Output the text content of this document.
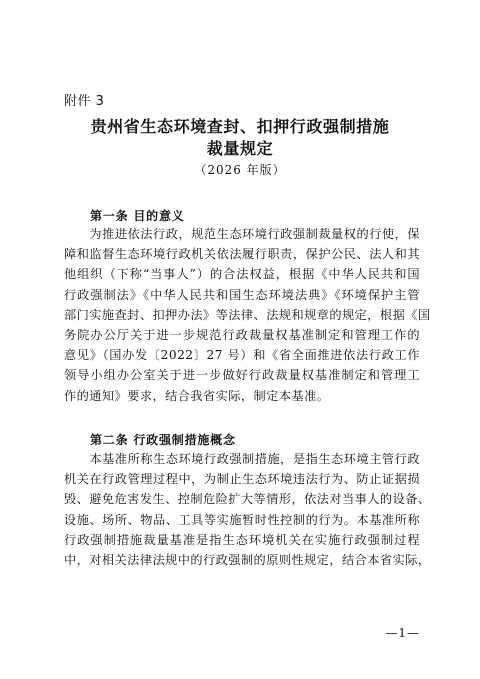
附件 3
贵州省生态环境查封、扣押行政强制措施
裁量规定
（2026 年版）
第一条 目的意义
　　为推进依法行政，规范生态环境行政强制裁量权的行使，保
障和监督生态环境行政机关依法履行职责，保护公民、法人和其
他组织（下称“当事人”）的合法权益，根据《中华人民共和国
行政强制法》《中华人民共和国生态环境法典》《环境保护主管
部门实施查封、扣押办法》等法律、法规和规章的规定，根据《国
务院办公厅关于进一步规范行政裁量权基准制定和管理工作的
意见》（国办发〔2022〕27 号）和《省全面推进依法行政工作
领导小组办公室关于进一步做好行政裁量权基准制定和管理工
作的通知》要求，结合我省实际，制定本基准。
第二条 行政强制措施概念
　　本基准所称生态环境行政强制措施，是指生态环境主管行政
机关在行政管理过程中，为制止生态环境违法行为、防止证据损
毁、避免危害发生、控制危险扩大等情形，依法对当事人的设备、
设施、场所、物品、工具等实施暂时性控制的行为。本基准所称
行政强制措施裁量基准是指生态环境机关在实施行政强制过程
中，对相关法律法规中的行政强制的原则性规定，结合本省实际，
—1—
